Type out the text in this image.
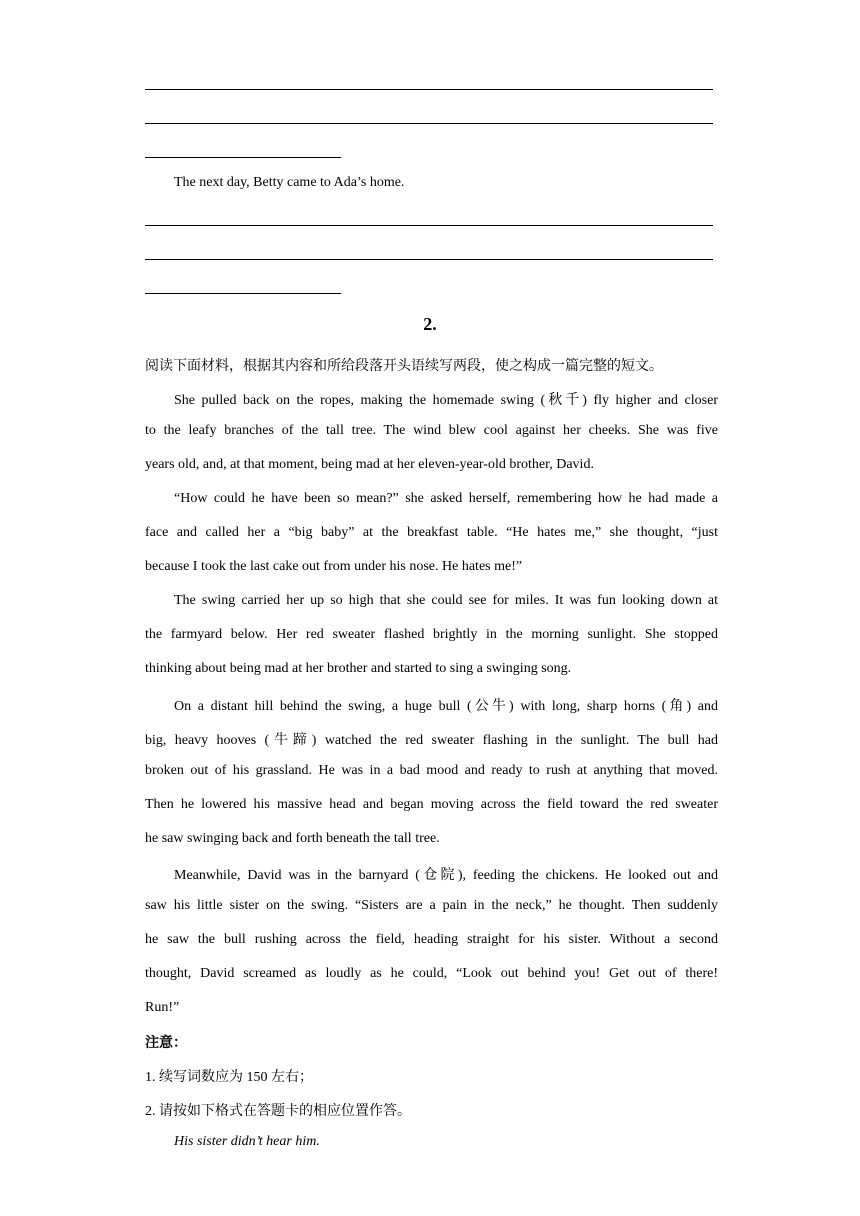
The next day, Betty came to Ada’s home.
2.
阅读下面材料，根据其内容和所给段落开头语续写两段，使之构成一篇完整的短文。
She pulled back on the ropes, making the homemade swing (秋千) fly higher and closer
to the leafy branches of the tall tree. The wind blew cool against her cheeks. She was five
years old, and, at that moment, being mad at her eleven-year-old brother, David.
“How could he have been so mean?” she asked herself, remembering how he had made a
face and called her a “big baby” at the breakfast table. “He hates me,” she thought, “just
because I took the last cake out from under his nose. He hates me!”
The swing carried her up so high that she could see for miles. It was fun looking down at
the farmyard below. Her red sweater flashed brightly in the morning sunlight. She stopped
thinking about being mad at her brother and started to sing a swinging song.
On a distant hill behind the swing, a huge bull (公牛) with long, sharp horns (角) and
big, heavy hooves (牛蹄) watched the red sweater flashing in the sunlight. The bull had
broken out of his grassland. He was in a bad mood and ready to rush at anything that moved.
Then he lowered his massive head and began moving across the field toward the red sweater
he saw swinging back and forth beneath the tall tree.
Meanwhile, David was in the barnyard (仓院), feeding the chickens. He looked out and
saw his little sister on the swing. “Sisters are a pain in the neck,” he thought. Then suddenly
he saw the bull rushing across the field, heading straight for his sister. Without a second
thought, David screamed as loudly as he could, “Look out behind you! Get out of there!
Run!”
注意：
1. 续写词数应为 150 左右；
2. 请按如下格式在答题卡的相应位置作答。
His sister didn’t hear him.
